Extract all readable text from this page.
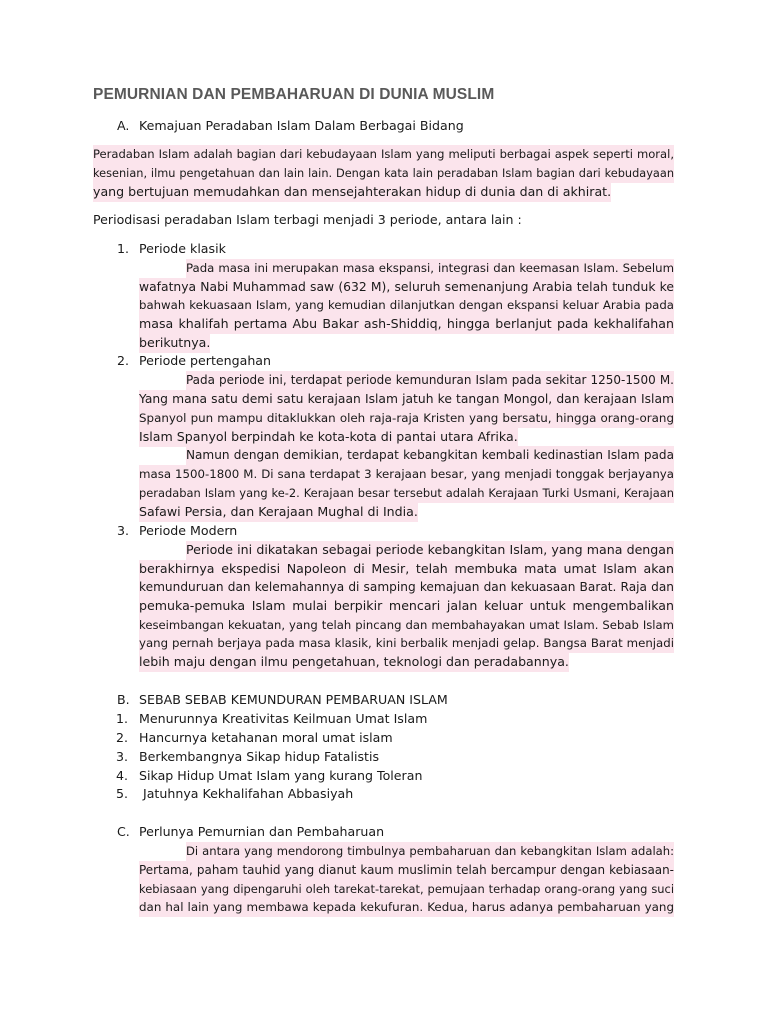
PEMURNIAN DAN PEMBAHARUAN DI DUNIA MUSLIM
A. Kemajuan Peradaban Islam Dalam Berbagai Bidang
Peradaban Islam adalah bagian dari kebudayaan Islam yang meliputi berbagai aspek seperti moral,
kesenian, ilmu pengetahuan dan lain lain. Dengan kata lain peradaban Islam bagian dari kebudayaan
yang bertujuan memudahkan dan mensejahterakan hidup di dunia dan di akhirat.
Periodisasi peradaban Islam terbagi menjadi 3 periode, antara lain :
1. Periode klasik
Pada masa ini merupakan masa ekspansi, integrasi dan keemasan Islam. Sebelum
wafatnya Nabi Muhammad saw (632 M), seluruh semenanjung Arabia telah tunduk ke
bahwah kekuasaan Islam, yang kemudian dilanjutkan dengan ekspansi keluar Arabia pada
masa khalifah pertama Abu Bakar ash-Shiddiq, hingga berlanjut pada kekhalifahan
berikutnya.
2. Periode pertengahan
Pada periode ini, terdapat periode kemunduran Islam pada sekitar 1250-1500 M.
Yang mana satu demi satu kerajaan Islam jatuh ke tangan Mongol, dan kerajaan Islam
Spanyol pun mampu ditaklukkan oleh raja-raja Kristen yang bersatu, hingga orang-orang
Islam Spanyol berpindah ke kota-kota di pantai utara Afrika.
Namun dengan demikian, terdapat kebangkitan kembali kedinastian Islam pada
masa 1500-1800 M. Di sana terdapat 3 kerajaan besar, yang menjadi tonggak berjayanya
peradaban Islam yang ke-2. Kerajaan besar tersebut adalah Kerajaan Turki Usmani, Kerajaan
Safawi Persia, dan Kerajaan Mughal di India.
3. Periode Modern
Periode ini dikatakan sebagai periode kebangkitan Islam, yang mana dengan
berakhirnya ekspedisi Napoleon di Mesir, telah membuka mata umat Islam akan
kemunduruan dan kelemahannya di samping kemajuan dan kekuasaan Barat. Raja dan
pemuka-pemuka Islam mulai berpikir mencari jalan keluar untuk mengembalikan
keseimbangan kekuatan, yang telah pincang dan membahayakan umat Islam. Sebab Islam
yang pernah berjaya pada masa klasik, kini berbalik menjadi gelap. Bangsa Barat menjadi
lebih maju dengan ilmu pengetahuan, teknologi dan peradabannya.
B. SEBAB SEBAB KEMUNDURAN PEMBARUAN ISLAM
1. Menurunnya Kreativitas Keilmuan Umat Islam
2. Hancurnya ketahanan moral umat islam
3. Berkembangnya Sikap hidup Fatalistis
4. Sikap Hidup Umat Islam yang kurang Toleran
5. Jatuhnya Kekhalifahan Abbasiyah
C. Perlunya Pemurnian dan Pembaharuan
Di antara yang mendorong timbulnya pembaharuan dan kebangkitan Islam adalah:
Pertama, paham tauhid yang dianut kaum muslimin telah bercampur dengan kebiasaan-
kebiasaan yang dipengaruhi oleh tarekat-tarekat, pemujaan terhadap orang-orang yang suci
dan hal lain yang membawa kepada kekufuran. Kedua, harus adanya pembaharuan yang
